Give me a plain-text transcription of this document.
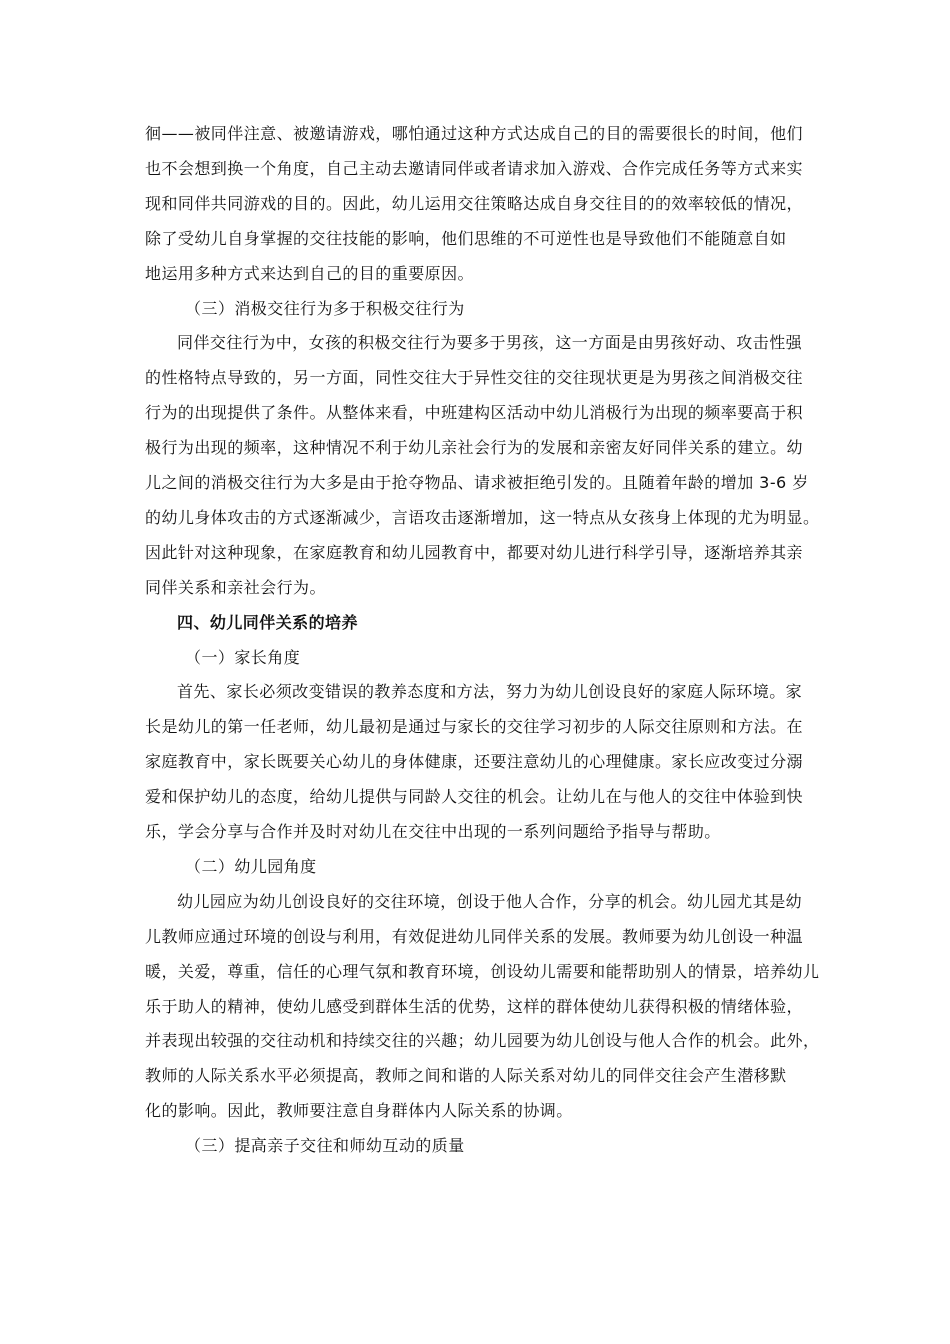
徊——被同伴注意、被邀请游戏，哪怕通过这种方式达成自己的目的需要很长的时间，他们
也不会想到换一个角度，自己主动去邀请同伴或者请求加入游戏、合作完成任务等方式来实
现和同伴共同游戏的目的。因此，幼儿运用交往策略达成自身交往目的的效率较低的情况，
除了受幼儿自身掌握的交往技能的影响，他们思维的不可逆性也是导致他们不能随意自如
地运用多种方式来达到自己的目的重要原因。
（三）消极交往行为多于积极交往行为
同伴交往行为中，女孩的积极交往行为要多于男孩，这一方面是由男孩好动、攻击性强
的性格特点导致的，另一方面，同性交往大于异性交往的交往现状更是为男孩之间消极交往
行为的出现提供了条件。从整体来看，中班建构区活动中幼儿消极行为出现的频率要高于积
极行为出现的频率，这种情况不利于幼儿亲社会行为的发展和亲密友好同伴关系的建立。幼
儿之间的消极交往行为大多是由于抢夺物品、请求被拒绝引发的。且随着年龄的增加 3-6 岁
的幼儿身体攻击的方式逐渐减少，言语攻击逐渐增加，这一特点从女孩身上体现的尤为明显。
因此针对这种现象，在家庭教育和幼儿园教育中，都要对幼儿进行科学引导，逐渐培养其亲
同伴关系和亲社会行为。
四、幼儿同伴关系的培养
（一）家长角度
首先、家长必须改变错误的教养态度和方法，努力为幼儿创设良好的家庭人际环境。家
长是幼儿的第一任老师，幼儿最初是通过与家长的交往学习初步的人际交往原则和方法。在
家庭教育中，家长既要关心幼儿的身体健康，还要注意幼儿的心理健康。家长应改变过分溺
爱和保护幼儿的态度，给幼儿提供与同龄人交往的机会。让幼儿在与他人的交往中体验到快
乐，学会分享与合作并及时对幼儿在交往中出现的一系列问题给予指导与帮助。
（二）幼儿园角度
幼儿园应为幼儿创设良好的交往环境，创设于他人合作，分享的机会。幼儿园尤其是幼
儿教师应通过环境的创设与利用，有效促进幼儿同伴关系的发展。教师要为幼儿创设一种温
暖，关爱，尊重，信任的心理气氛和教育环境，创设幼儿需要和能帮助别人的情景，培养幼儿
乐于助人的精神，使幼儿感受到群体生活的优势，这样的群体使幼儿获得积极的情绪体验，
并表现出较强的交往动机和持续交往的兴趣；幼儿园要为幼儿创设与他人合作的机会。此外，
教师的人际关系水平必须提高，教师之间和谐的人际关系对幼儿的同伴交往会产生潜移默
化的影响。因此，教师要注意自身群体内人际关系的协调。
（三）提高亲子交往和师幼互动的质量
